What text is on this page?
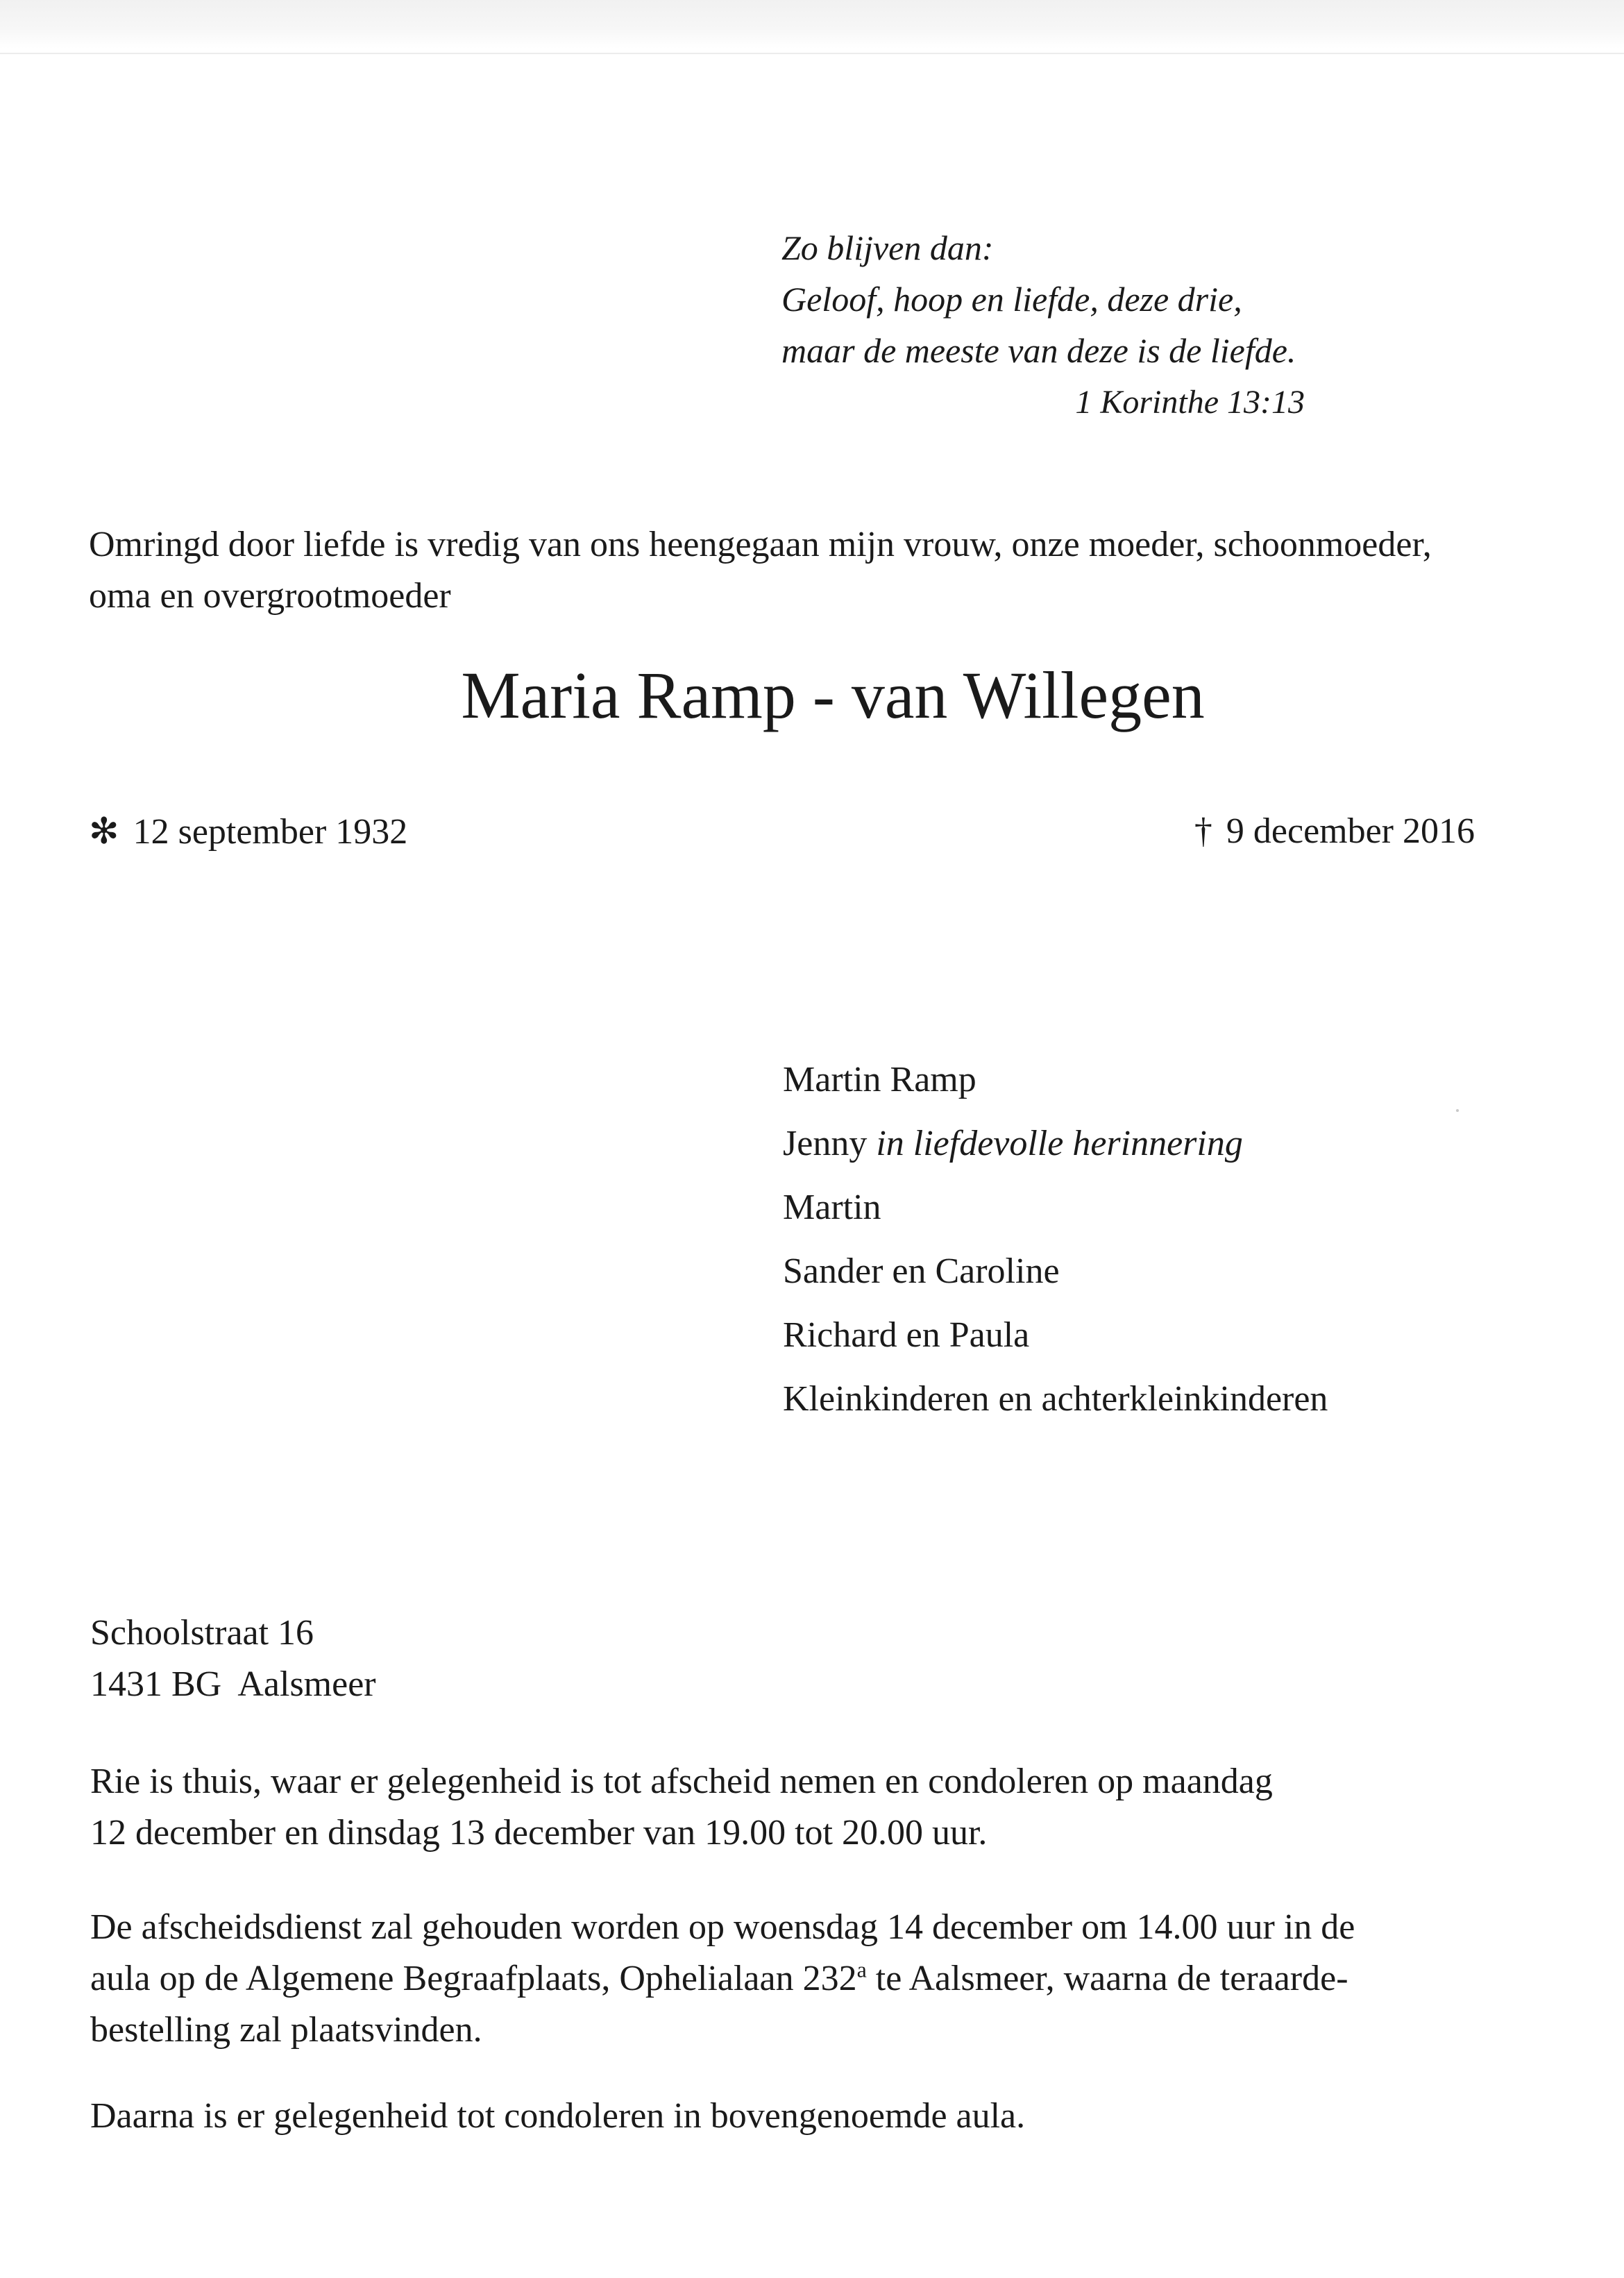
Zo blijven dan:
Geloof, hoop en liefde, deze drie,
maar de meeste van deze is de liefde.
1 Korinthe 13:13
Omringd door liefde is vredig van ons heengegaan mijn vrouw, onze moeder, schoonmoeder,
oma en overgrootmoeder
Maria Ramp - van Willegen
✻ 12 september 1932	† 9 december 2016
Martin Ramp
Jenny in liefdevolle herinnering
Martin
Sander en Caroline
Richard en Paula
Kleinkinderen en achterkleinkinderen
Schoolstraat 16
1431 BG  Aalsmeer
Rie is thuis, waar er gelegenheid is tot afscheid nemen en condoleren op maandag
12 december en dinsdag 13 december van 19.00 tot 20.00 uur.
De afscheidsdienst zal gehouden worden op woensdag 14 december om 14.00 uur in de
aula op de Algemene Begraafplaats, Ophelialaan 232$^a$ te Aalsmeer, waarna de teraarde-
bestelling zal plaatsvinden.
Daarna is er gelegenheid tot condoleren in bovengenoemde aula.
